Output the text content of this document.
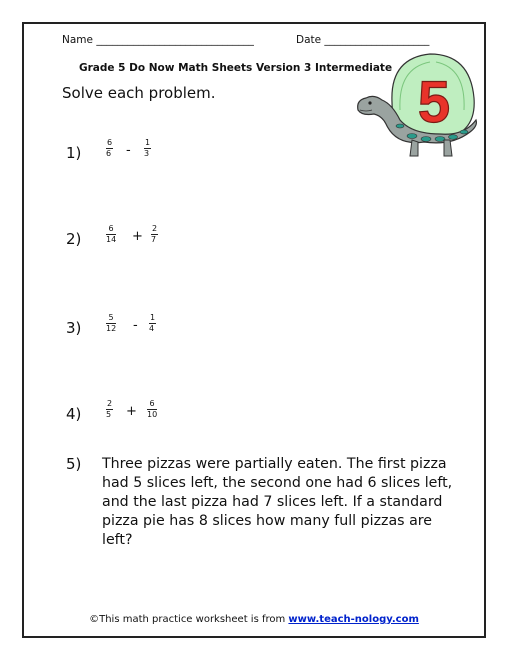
Name ______________________________	Date ____________________
Grade 5 Do Now Math Sheets Version 3 Intermediate
Solve each problem.	5
1)	$\frac{6}{6} - \frac{1}{3}$
2)	$\frac{6}{14} + \frac{2}{7}$
3)	$\frac{5}{12} - \frac{1}{4}$
4)	$\frac{2}{5} + \frac{6}{10}$
5) Three pizzas were partially eaten. The first pizza had 5 slices left, the second one had 6 slices left, and the last pizza had 7 slices left. If a standard pizza pie has 8 slices how many full pizzas are left?
©This math practice worksheet is from www.teach-nology.com
